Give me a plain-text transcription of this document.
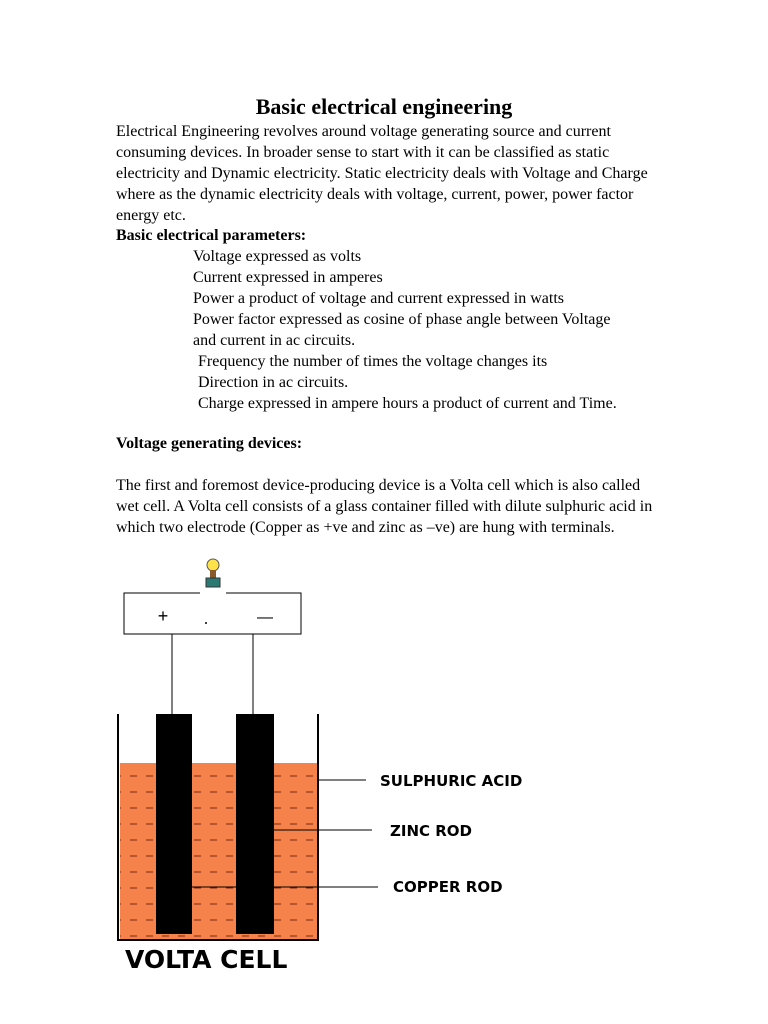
Basic electrical engineering
Electrical Engineering revolves around voltage generating source and current consuming devices. In broader sense to start with it can be classified as static electricity and Dynamic electricity. Static electricity deals with Voltage and Charge where as the dynamic electricity deals with voltage, current, power, power factor energy etc.
Basic electrical parameters:
Voltage expressed as volts
Current expressed in amperes
Power a product of voltage and current expressed in watts
Power factor expressed as cosine of phase angle between Voltage and current in ac circuits.
Frequency the number of times the voltage changes its Direction in ac circuits.
Charge expressed in ampere hours a product of current and Time.
Voltage generating devices:
The first and foremost device-producing device is a Volta cell which is also called wet cell. A Volta cell consists of a glass container filled with dilute sulphuric acid in which two electrode (Copper as +ve and zinc as –ve) are hung with terminals.
+	—
SULPHURIC ACID
ZINC ROD
COPPER ROD
VOLTA CELL
